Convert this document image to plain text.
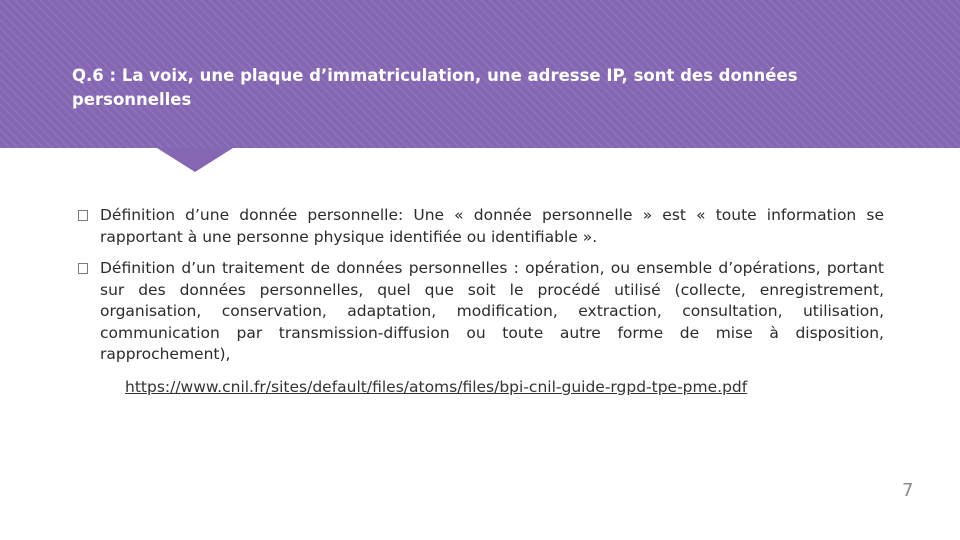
Q.6 : La voix, une plaque d’immatriculation, une adresse IP, sont des données personnelles
Définition d’une donnée personnelle: Une « donnée personnelle » est « toute information se rapportant à une personne physique identifiée ou identifiable ».
Définition d’un traitement de données personnelles : opération, ou ensemble d’opérations, portant sur des données personnelles, quel que soit le procédé utilisé (collecte, enregistrement, organisation, conservation, adaptation, modification, extraction, consultation, utilisation, communication par transmission-diffusion ou toute autre forme de mise à disposition, rapprochement),
https://www.cnil.fr/sites/default/files/atoms/files/bpi-cnil-guide-rgpd-tpe-pme.pdf
7
